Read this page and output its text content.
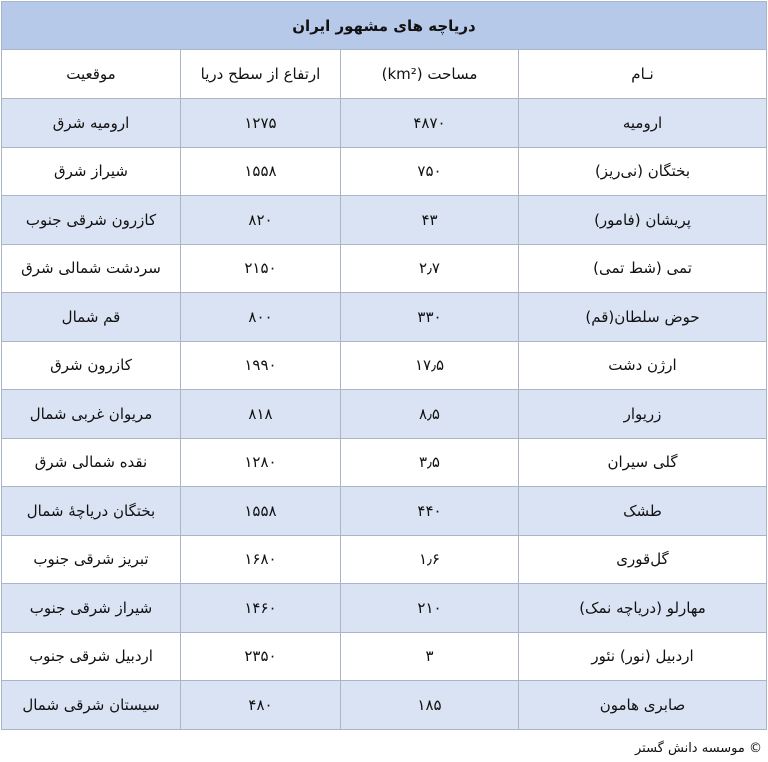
دریاچه های مشهور ایران			
نـام	مساحت (km²)	ارتفاع از سطح دریا	موقعیت
ارومیه	۴۸۷۰	۱۲۷۵	ارومیه شرق
بختگان (نی‌ریز)	۷۵۰	۱۵۵۸	شیراز شرق
پریشان (فامور)	۴۳	۸۲۰	کازرون شرقی جنوب
تمی (شط تمی)	۲٫۷	۲۱۵۰	سردشت شمالی شرق
حوض سلطان(قم)	۳۳۰	۸۰۰	قم شمال
ارژن دشت	۱۷٫۵	۱۹۹۰	کازرون شرق
زریوار	۸٫۵	۸۱۸	مریوان غربی شمال
گلی سیران	۳٫۵	۱۲۸۰	نقده شمالی شرق
طشک	۴۴۰	۱۵۵۸	بختگان دریاچهٔ شمال
گل‌قوری	۱٫۶	۱۶۸۰	تبریز شرقی جنوب
مهارلو (دریاچه نمک)	۲۱۰	۱۴۶۰	شیراز شرقی جنوب
اردبیل (نور) نئور	۳	۲۳۵۰	اردبیل شرقی جنوب
صابری هامون	۱۸۵	۴۸۰	سیستان شرقی شمال
© موسسه دانش گستر
